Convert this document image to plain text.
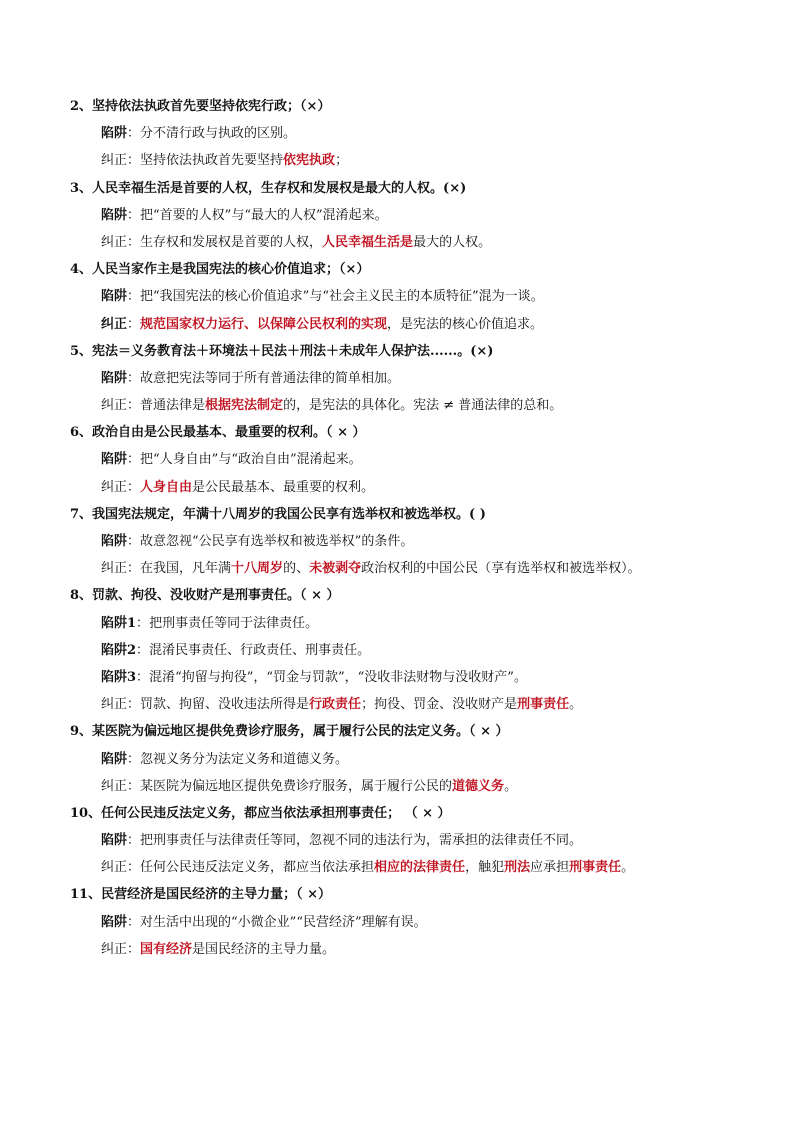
2、坚持依法执政首先要坚持依宪行政；（×）
陷阱：分不清行政与执政的区别。
纠正：坚持依法执政首先要坚持依宪执政；
3、人民幸福生活是首要的人权，生存权和发展权是最大的人权。(×)
陷阱：把“首要的人权”与“最大的人权”混淆起来。
纠正：生存权和发展权是首要的人权，人民幸福生活是最大的人权。
4、人民当家作主是我国宪法的核心价值追求；（×）
陷阱：把“我国宪法的核心价值追求”与“社会主义民主的本质特征”混为一谈。
纠正：规范国家权力运行、以保障公民权利的实现，是宪法的核心价值追求。
5、宪法＝义务教育法＋环境法＋民法＋刑法＋未成年人保护法......。(×)
陷阱：故意把宪法等同于所有普通法律的简单相加。
纠正：普通法律是根据宪法制定的，是宪法的具体化。宪法 ≠ 普通法律的总和。
6、政治自由是公民最基本、最重要的权利。（ × ）
陷阱：把“人身自由”与“政治自由”混淆起来。
纠正：人身自由是公民最基本、最重要的权利。
7、我国宪法规定，年满十八周岁的我国公民享有选举权和被选举权。( )
陷阱：故意忽视“公民享有选举权和被选举权”的条件。
纠正：在我国，凡年满十八周岁的、未被剥夺政治权利的中国公民（享有选举权和被选举权）。
8、罚款、拘役、没收财产是刑事责任。（ × ）
陷阱1：把刑事责任等同于法律责任。
陷阱2：混淆民事责任、行政责任、刑事责任。
陷阱3：混淆“拘留与拘役”，“罚金与罚款”，“没收非法财物与没收财产”。
纠正：罚款、拘留、没收违法所得是行政责任；拘役、罚金、没收财产是刑事责任。
9、某医院为偏远地区提供免费诊疗服务，属于履行公民的法定义务。（ × ）
陷阱：忽视义务分为法定义务和道德义务。
纠正：某医院为偏远地区提供免费诊疗服务，属于履行公民的道德义务。
10、任何公民违反法定义务，都应当依法承担刑事责任； （ × ）
陷阱：把刑事责任与法律责任等同，忽视不同的违法行为，需承担的法律责任不同。
纠正：任何公民违反法定义务，都应当依法承担相应的法律责任，触犯刑法应承担刑事责任。
11、民营经济是国民经济的主导力量；（ ×）
陷阱：对生活中出现的“小微企业”“民营经济”理解有误。
纠正：国有经济是国民经济的主导力量。
